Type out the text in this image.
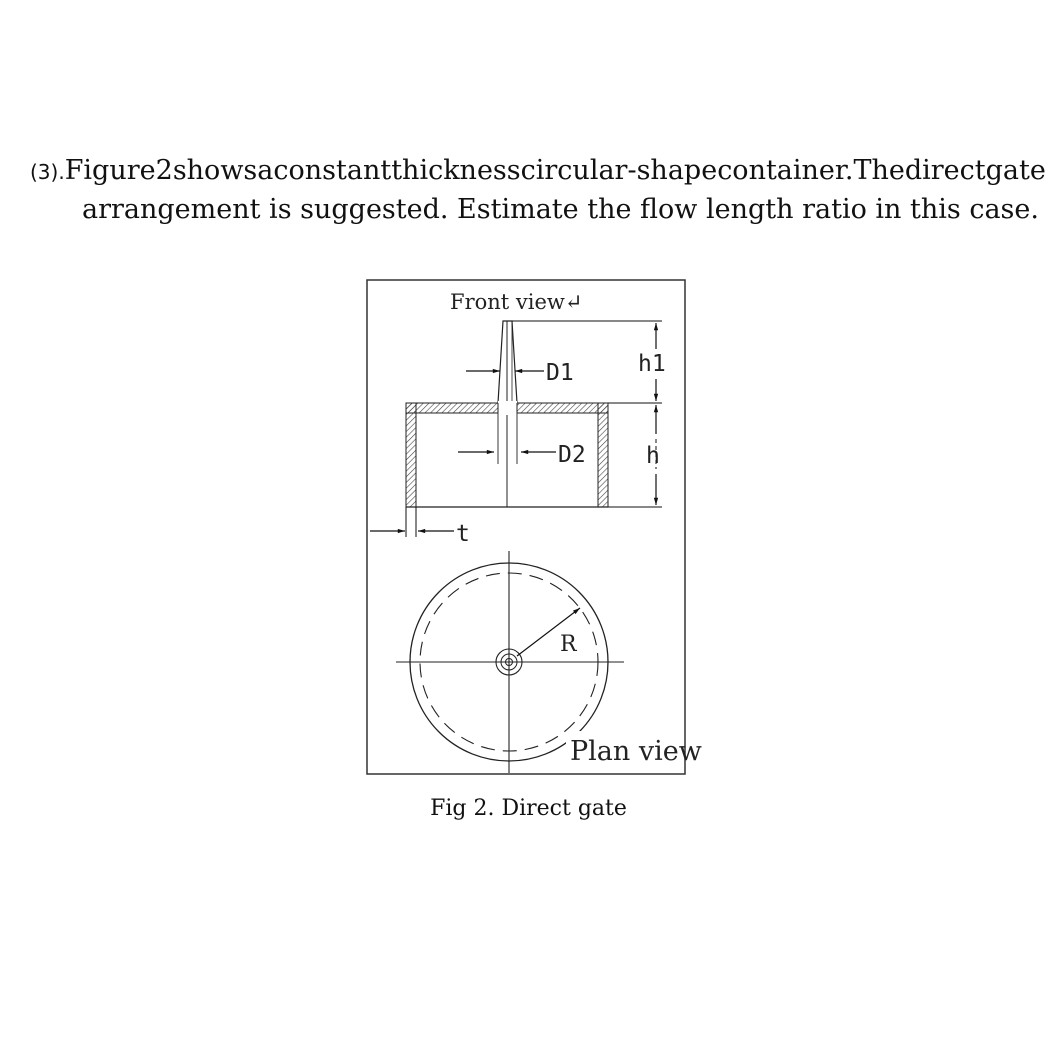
(3). Figure 2 shows a constant thickness circular-shape container. The direct gate
arrangement is suggested. Estimate the flow length ratio in this case.
Front view↵
D1	h1
D2	h
t
R
Plan view
Fig 2. Direct gate
